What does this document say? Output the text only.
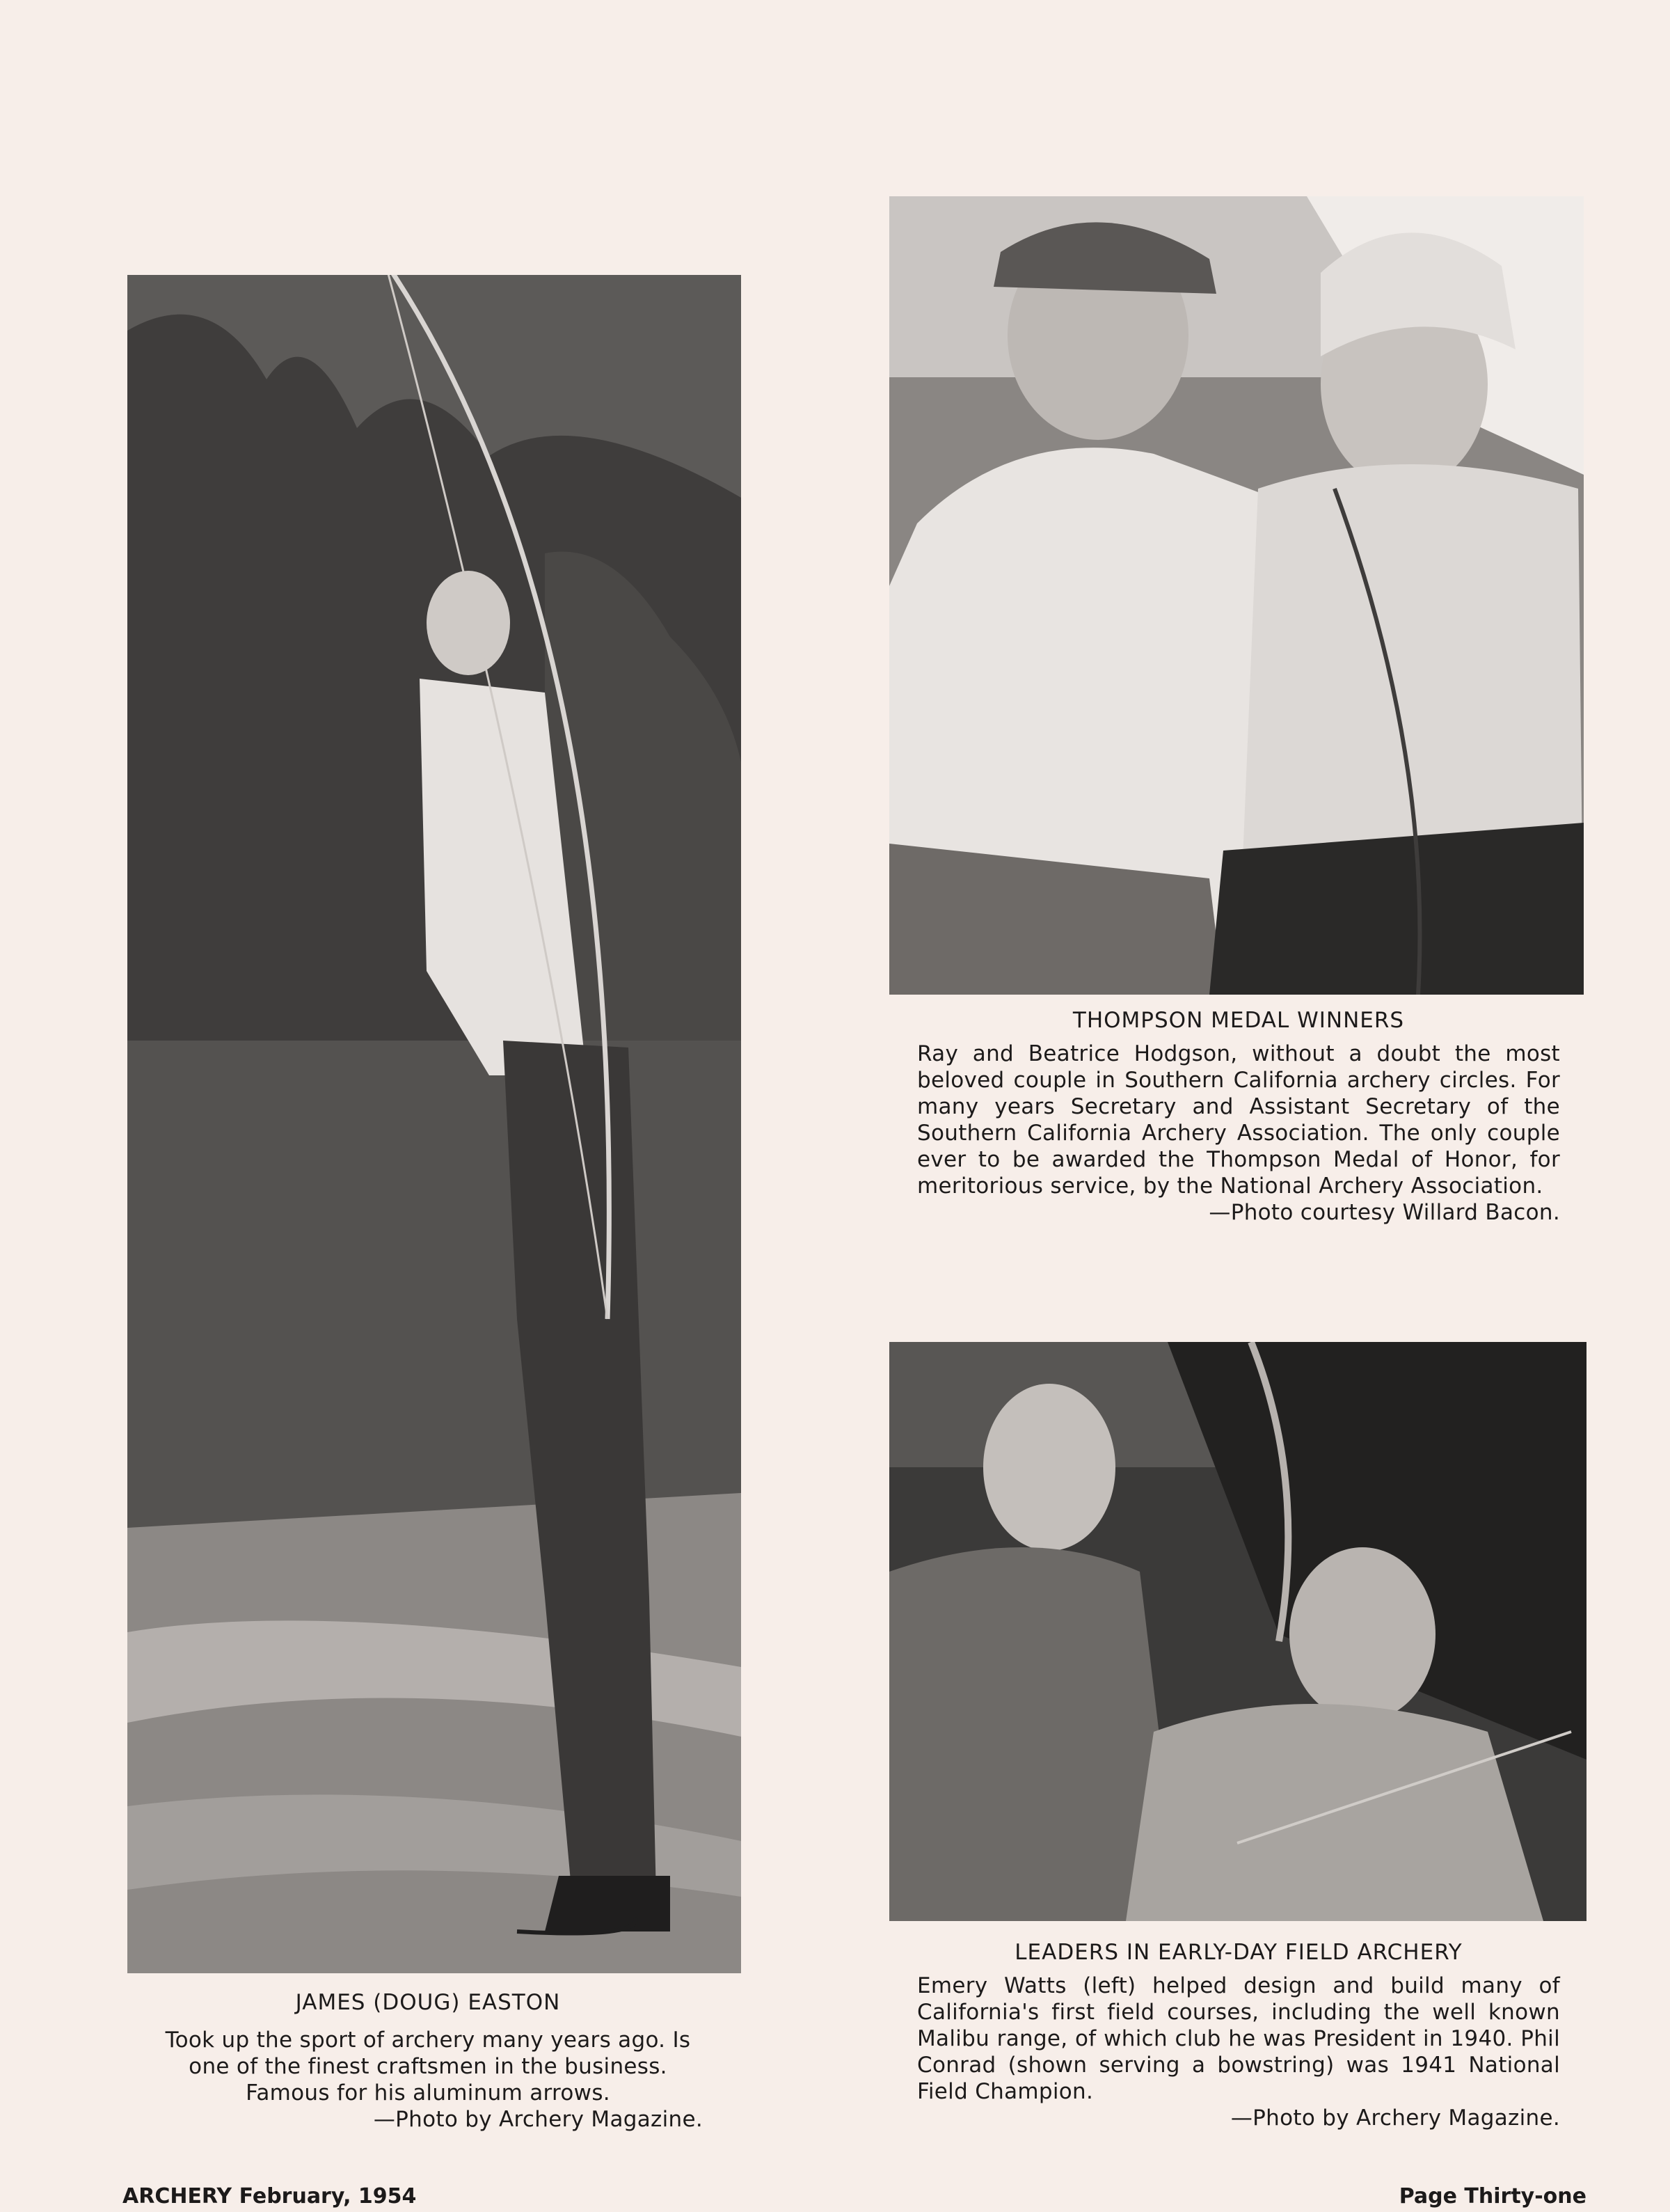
THOMPSON MEDAL WINNERS

Ray and Beatrice Hodgson, without a doubt the most beloved couple in Southern California archery circles. For many years Secretary and Assistant Secretary of the Southern California Archery Association. The only couple ever to be awarded the Thompson Medal of Honor, for meritorious service, by the National Archery Association.

—Photo courtesy Willard Bacon.
LEADERS IN EARLY-DAY FIELD ARCHERY

Emery Watts (left) helped design and build many of California's first field courses, including the well known Malibu range, of which club he was President in 1940. Phil Conrad (shown serving a bowstring) was 1941 National Field Champion.

—Photo by Archery Magazine.
JAMES (DOUG) EASTON
Took up the sport of archery many years ago. Is
one of the finest craftsmen in the business.
Famous for his aluminum arrows.
—Photo by Archery Magazine.
ARCHERY February, 1954	Page Thirty-one
